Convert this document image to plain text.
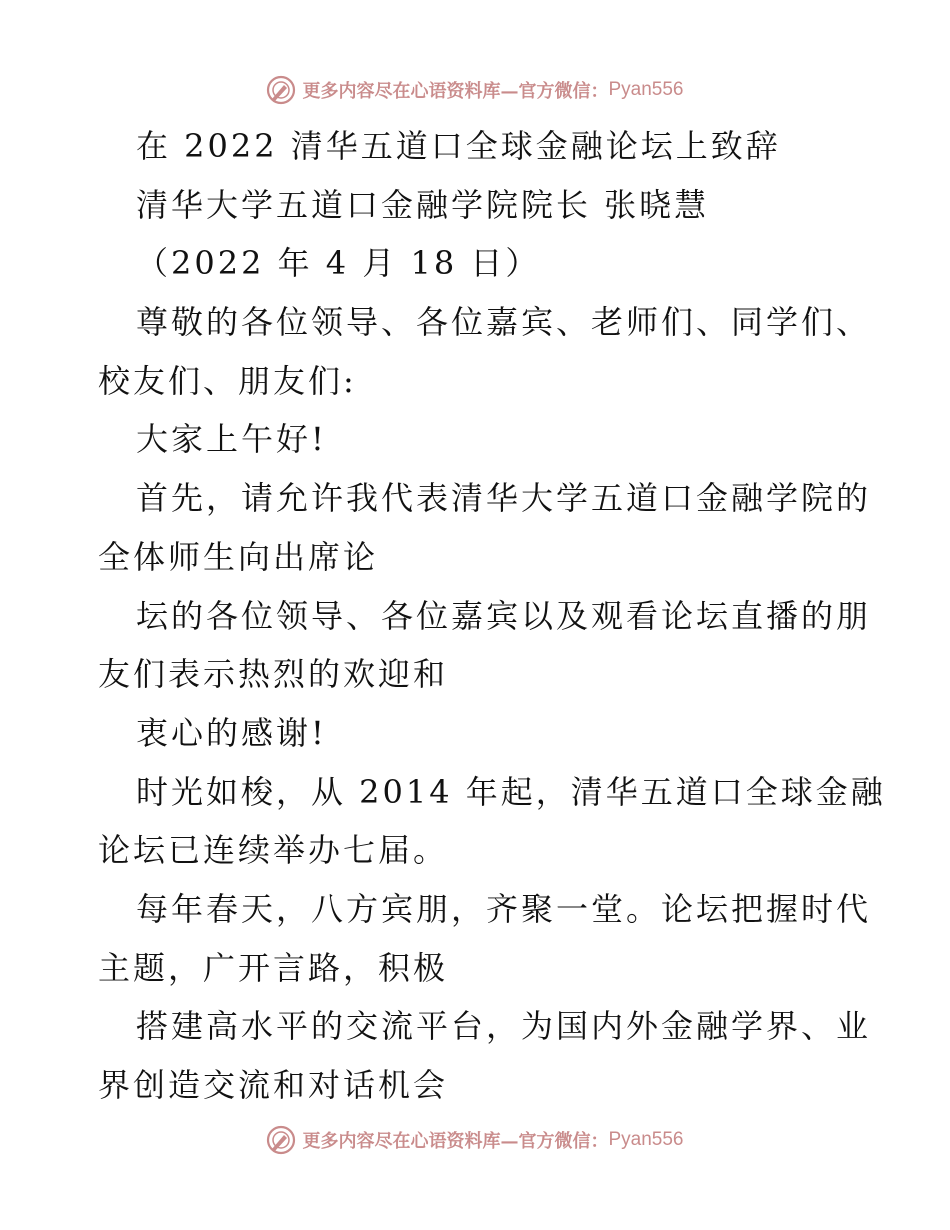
更多内容尽在心语资料库—官方微信： Pyan556
在 2022 清华五道口全球金融论坛上致辞
清华大学五道口金融学院院长 张晓慧
（2022 年 4 月 18 日）
尊敬的各位领导、各位嘉宾、老师们、同学们、
校友们、朋友们:
大家上午好!
首先，请允许我代表清华大学五道口金融学院的
全体师生向出席论
坛的各位领导、各位嘉宾以及观看论坛直播的朋
友们表示热烈的欢迎和
衷心的感谢!
时光如梭，从 2014 年起，清华五道口全球金融
论坛已连续举办七届。
每年春天，八方宾朋，齐聚一堂。论坛把握时代
主题，广开言路，积极
搭建高水平的交流平台，为国内外金融学界、业
界创造交流和对话机会
更多内容尽在心语资料库—官方微信： Pyan556
